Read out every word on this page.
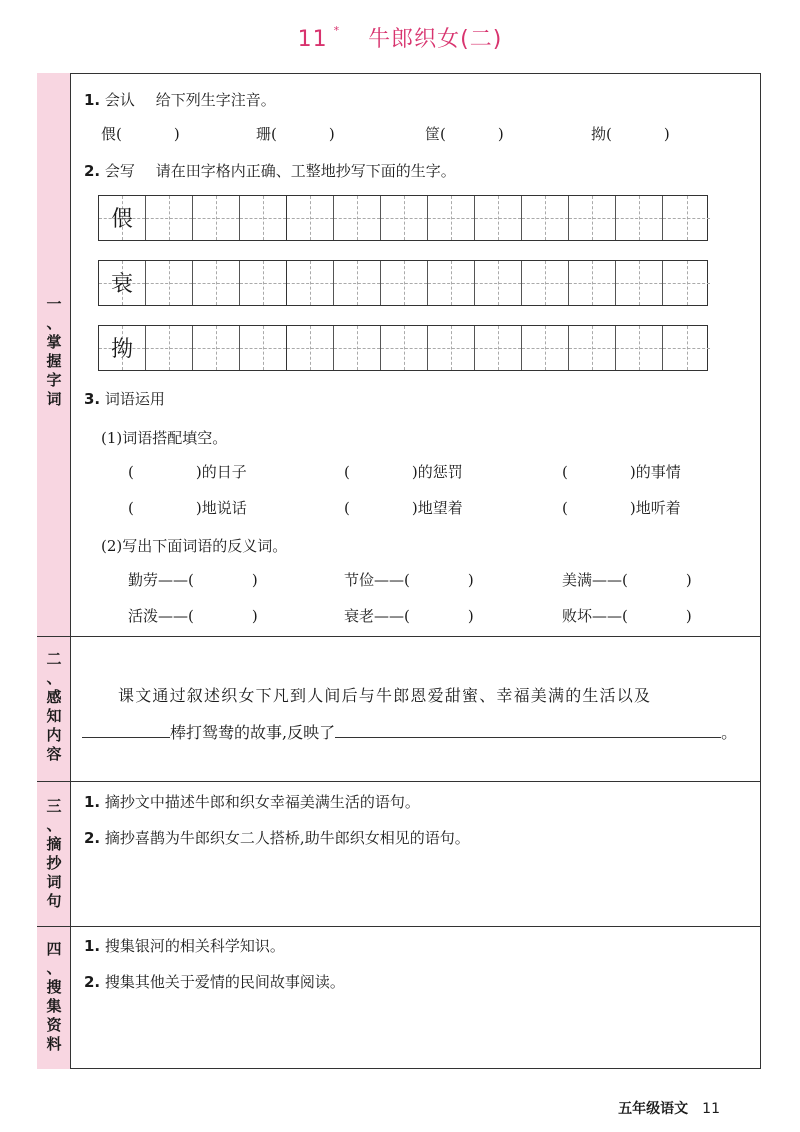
11 * 牛郎织女(二)
一
、
掌
握
字
词
二
、
感
知
内
容
三
、
摘
抄
词
句
四
、
搜
集
资
料
1. 会认 给下列生字注音。
偎(	)	珊(	)	筐(	)	拗(	)
2. 会写 请在田字格内正确、工整地抄写下面的生字。
偎
衰
拗
3. 词语运用
(1)词语搭配填空。
(	)的日子	(	)的惩罚	(	)的事情
(	)地说话	(	)地望着	(	)地听着
(2)写出下面词语的反义词。
勤劳——(	)	节俭——(	)	美满——(	)
活泼——(	)	衰老——(	)	败坏——(	)
课文通过叙述织女下凡到人间后与牛郎恩爱甜蜜、幸福美满的生活以及
棒打鸳鸯的故事,反映了	。
1. 摘抄文中描述牛郎和织女幸福美满生活的语句。
2. 摘抄喜鹊为牛郎织女二人搭桥,助牛郎织女相见的语句。
1. 搜集银河的相关科学知识。
2. 搜集其他关于爱情的民间故事阅读。
五年级语文 11
